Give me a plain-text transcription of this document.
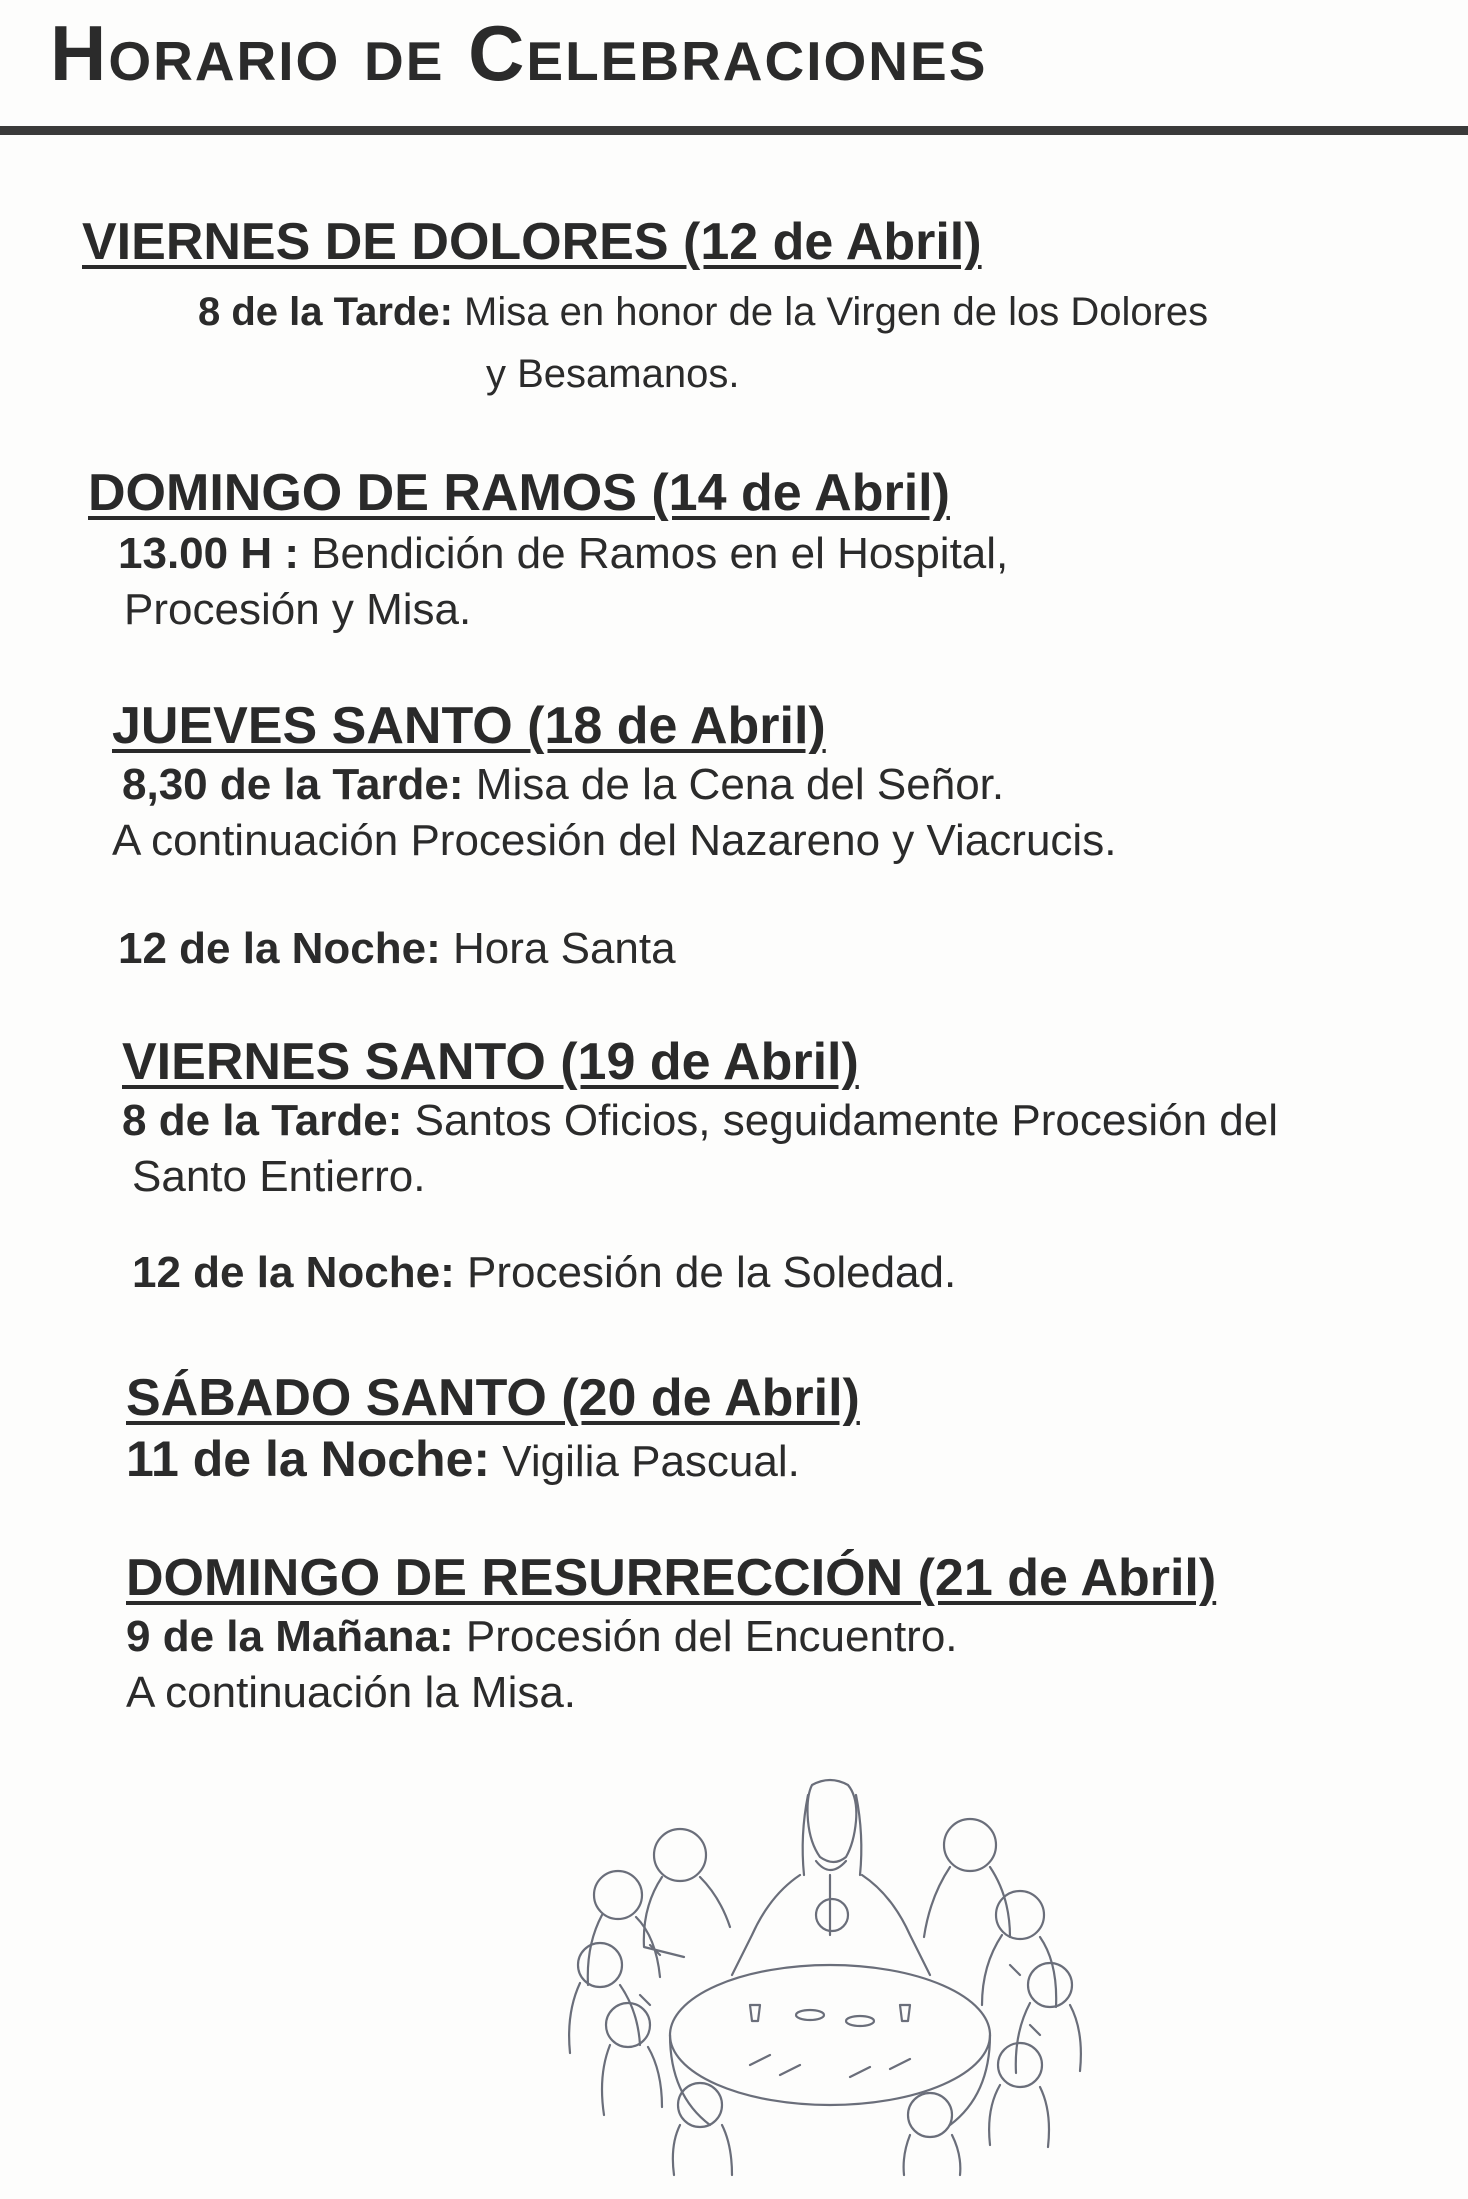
Horario de Celebraciones
VIERNES DE DOLORES (12 de Abril)
8 de la Tarde: Misa en honor de la Virgen de los Dolores
y Besamanos.
DOMINGO DE RAMOS (14 de Abril)
13.00 H : Bendición de Ramos en el Hospital,
Procesión y Misa.
JUEVES SANTO (18 de Abril)
8,30 de la Tarde: Misa de la Cena del Señor.
A continuación Procesión del Nazareno y Viacrucis.
12 de la Noche: Hora Santa
VIERNES SANTO (19 de Abril)
8 de la Tarde: Santos Oficios, seguidamente Procesión del
Santo Entierro.
12 de la Noche: Procesión de la Soledad.
SÁBADO SANTO (20 de Abril)
11 de la Noche: Vigilia Pascual.
DOMINGO DE RESURRECCIÓN (21 de Abril)
9 de la Mañana: Procesión del Encuentro.
A continuación la Misa.
